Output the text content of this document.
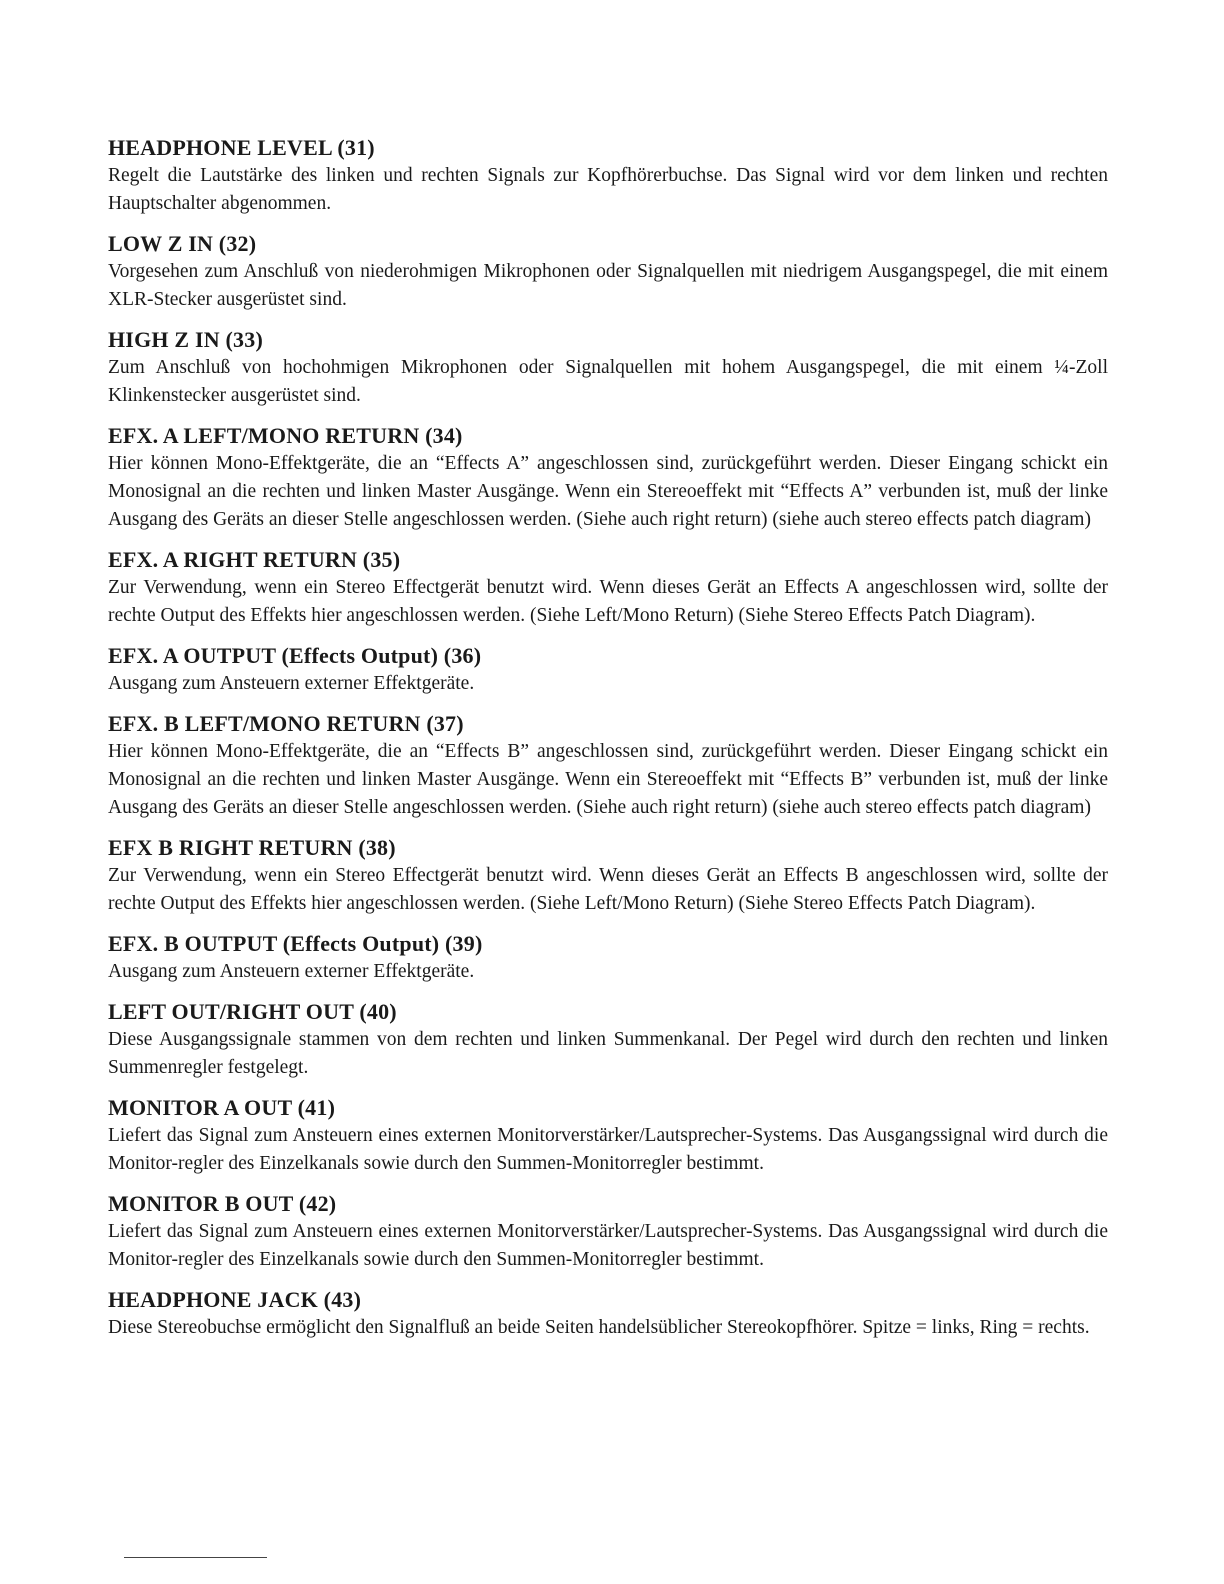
HEADPHONE LEVEL (31)

Regelt die Lautstärke des linken und rechten Signals zur Kopfhörerbuchse. Das Signal wird vor dem linken und rechten Hauptschalter abgenommen.

LOW Z IN (32)

Vorgesehen zum Anschluß von niederohmigen Mikrophonen oder Signalquellen mit niedrigem Ausgangspegel, die mit einem XLR-Stecker ausgerüstet sind.

HIGH Z IN (33)

Zum Anschluß von hochohmigen Mikrophonen oder Signalquellen mit hohem Ausgangspegel, die mit einem ¼-Zoll Klinkenstecker ausgerüstet sind.

EFX. A LEFT/MONO RETURN (34)

Hier können Mono-Effektgeräte, die an “Effects A” angeschlossen sind, zurückgeführt werden. Dieser Eingang schickt ein Monosignal an die rechten und linken Master Ausgänge. Wenn ein Stereoeffekt mit “Effects A” verbunden ist, muß der linke Ausgang des Geräts an dieser Stelle angeschlossen werden. (Siehe auch right return) (siehe auch stereo effects patch diagram)

EFX. A RIGHT RETURN (35)

Zur Verwendung, wenn ein Stereo Effectgerät benutzt wird. Wenn dieses Gerät an Effects A angeschlossen wird, sollte der rechte Output des Effekts hier angeschlossen werden. (Siehe Left/Mono Return) (Siehe Stereo Effects Patch Diagram).

EFX. A OUTPUT (Effects Output) (36)

Ausgang zum Ansteuern externer Effektgeräte.

EFX. B LEFT/MONO RETURN (37)

Hier können Mono-Effektgeräte, die an “Effects B” angeschlossen sind, zurückgeführt werden. Dieser Eingang schickt ein Monosignal an die rechten und linken Master Ausgänge. Wenn ein Stereoeffekt mit “Effects B” verbunden ist, muß der linke Ausgang des Geräts an dieser Stelle angeschlossen werden. (Siehe auch right return) (siehe auch stereo effects patch diagram)

EFX B RIGHT RETURN (38)

Zur Verwendung, wenn ein Stereo Effectgerät benutzt wird. Wenn dieses Gerät an Effects B angeschlossen wird, sollte der rechte Output des Effekts hier angeschlossen werden. (Siehe Left/Mono Return) (Siehe Stereo Effects Patch Diagram).

EFX. B OUTPUT (Effects Output) (39)

Ausgang zum Ansteuern externer Effektgeräte.

LEFT OUT/RIGHT OUT (40)

Diese Ausgangssignale stammen von dem rechten und linken Summenkanal. Der Pegel wird durch den rechten und linken Summenregler festgelegt.

MONITOR A OUT (41)

Liefert das Signal zum Ansteuern eines externen Monitorverstärker/Lautsprecher-Systems. Das Ausgangssignal wird durch die Monitor-regler des Einzelkanals sowie durch den Summen-Monitorregler bestimmt.

MONITOR B OUT (42)

Liefert das Signal zum Ansteuern eines externen Monitorverstärker/Lautsprecher-Systems. Das Ausgangssignal wird durch die Monitor-regler des Einzelkanals sowie durch den Summen-Monitorregler bestimmt.

HEADPHONE JACK (43)

Diese Stereobuchse ermöglicht den Signalfluß an beide Seiten handelsüblicher Stereokopfhörer. Spitze = links, Ring = rechts.
